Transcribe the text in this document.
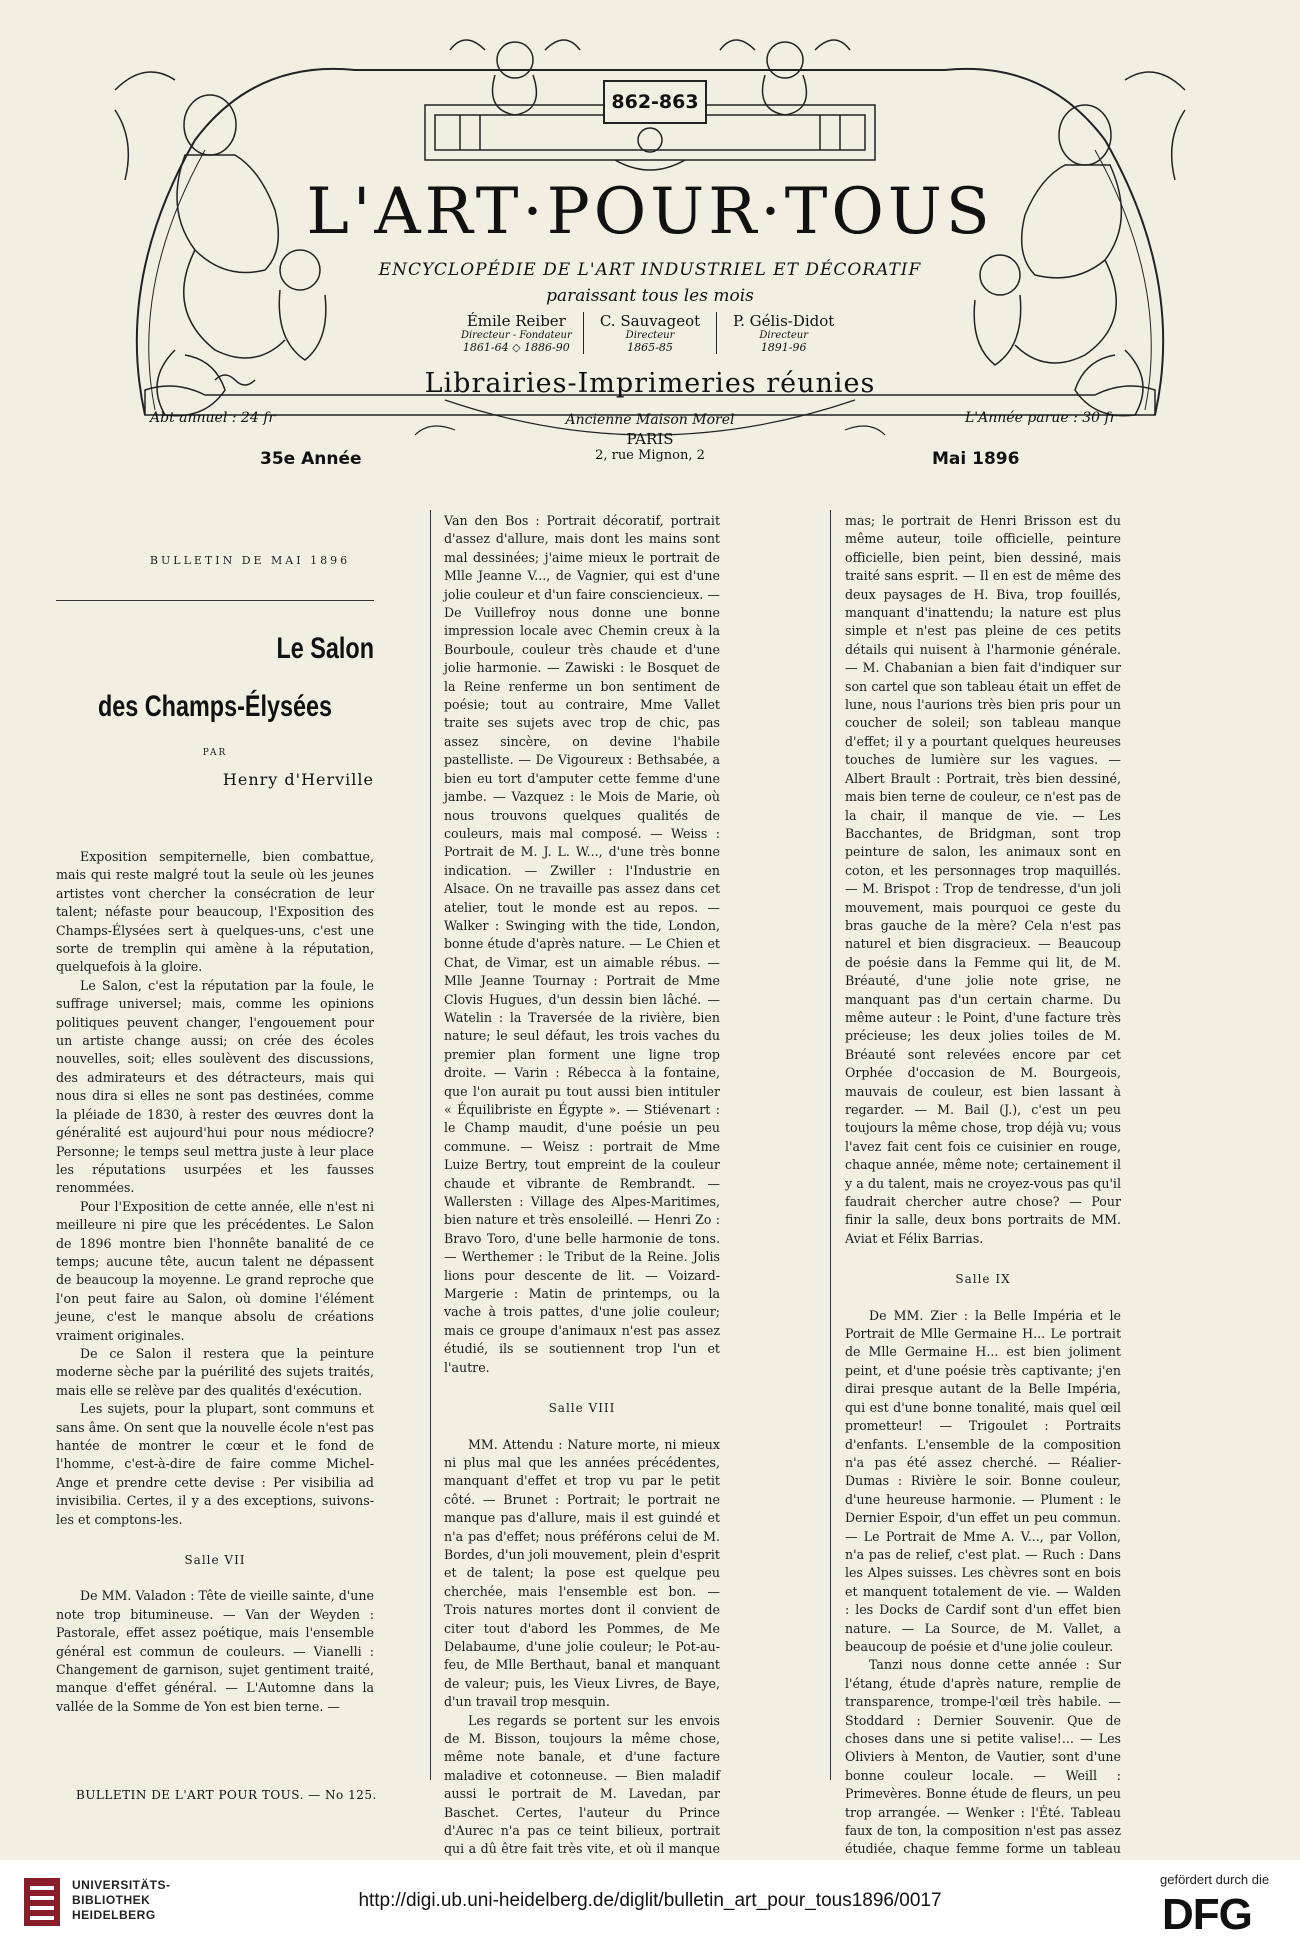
862-863
L'ART·POUR·TOUS
ENCYCLOPÉDIE DE L'ART INDUSTRIEL ET DÉCORATIF
paraissant tous les mois
Émile Reiber
Directeur - Fondateur
1861-64 ◇ 1886-90
C. Sauvageot
Directeur
1865-85
P. Gélis-Didot
Directeur
1891-96
Librairies-Imprimeries réunies
Abt annuel : 24 fr	L'Année parue : 30 fr
Ancienne Maison Morel
PARIS
2, rue Mignon, 2
35e Année	Mai 1896
BULLETIN DE MAI 1896
Le Salon
des Champs-Élysées
PAR
Henry d'Herville

Exposition sempiternelle, bien combattue, mais qui reste malgré tout la seule où les jeunes artistes vont chercher la consécration de leur talent; néfaste pour beaucoup, l'Exposition des Champs-Élysées sert à quelques-uns, c'est une sorte de tremplin qui amène à la réputation, quelquefois à la gloire.

Le Salon, c'est la réputation par la foule, le suffrage universel; mais, comme les opinions politiques peuvent changer, l'engouement pour un artiste change aussi; on crée des écoles nouvelles, soit; elles soulèvent des discussions, des admirateurs et des détracteurs, mais qui nous dira si elles ne sont pas destinées, comme la pléiade de 1830, à rester des œuvres dont la généralité est aujourd'hui pour nous médiocre? Personne; le temps seul mettra juste à leur place les réputations usurpées et les fausses renommées.

Pour l'Exposition de cette année, elle n'est ni meilleure ni pire que les précédentes. Le Salon de 1896 montre bien l'honnête banalité de ce temps; aucune tête, aucun talent ne dépassent de beaucoup la moyenne. Le grand reproche que l'on peut faire au Salon, où domine l'élément jeune, c'est le manque absolu de créations vraiment originales.

De ce Salon il restera que la peinture moderne sèche par la puérilité des sujets traités, mais elle se relève par des qualités d'exécution.

Les sujets, pour la plupart, sont communs et sans âme. On sent que la nouvelle école n'est pas hantée de montrer le cœur et le fond de l'homme, c'est-à-dire de faire comme Michel-Ange et prendre cette devise : Per visibilia ad invisibilia. Certes, il y a des exceptions, suivons-les et comptons-les.

Salle VII

De MM. Valadon : Tête de vieille sainte, d'une note trop bitumineuse. — Van der Weyden : Pastorale, effet assez poétique, mais l'ensemble général est commun de couleurs. — Vianelli : Changement de garnison, sujet gentiment traité, manque d'effet général. — L'Automne dans la vallée de la Somme de Yon est bien terne. —

Van den Bos : Portrait décoratif, portrait d'assez d'allure, mais dont les mains sont mal dessinées; j'aime mieux le portrait de Mlle Jeanne V..., de Vagnier, qui est d'une jolie couleur et d'un faire consciencieux. — De Vuillefroy nous donne une bonne impression locale avec Chemin creux à la Bourboule, couleur très chaude et d'une jolie harmonie. — Zawiski : le Bosquet de la Reine renferme un bon sentiment de poésie; tout au contraire, Mme Vallet traite ses sujets avec trop de chic, pas assez sincère, on devine l'habile pastelliste. — De Vigoureux : Bethsabée, a bien eu tort d'amputer cette femme d'une jambe. — Vazquez : le Mois de Marie, où nous trouvons quelques qualités de couleurs, mais mal composé. — Weiss : Portrait de M. J. L. W..., d'une très bonne indication. — Zwiller : l'Industrie en Alsace. On ne travaille pas assez dans cet atelier, tout le monde est au repos. — Walker : Swinging with the tide, London, bonne étude d'après nature. — Le Chien et Chat, de Vimar, est un aimable rébus. — Mlle Jeanne Tournay : Portrait de Mme Clovis Hugues, d'un dessin bien lâché. — Watelin : la Traversée de la rivière, bien nature; le seul défaut, les trois vaches du premier plan forment une ligne trop droite. — Varin : Rébecca à la fontaine, que l'on aurait pu tout aussi bien intituler « Équilibriste en Égypte ». — Stiévenart : le Champ maudit, d'une poésie un peu commune. — Weisz : portrait de Mme Luize Bertry, tout empreint de la couleur chaude et vibrante de Rembrandt. — Wallersten : Village des Alpes-Maritimes, bien nature et très ensoleillé. — Henri Zo : Bravo Toro, d'une belle harmonie de tons. — Werthemer : le Tribut de la Reine. Jolis lions pour descente de lit. — Voizard-Margerie : Matin de printemps, ou la vache à trois pattes, d'une jolie couleur; mais ce groupe d'animaux n'est pas assez étudié, ils se soutiennent trop l'un et l'autre.

Salle VIII

MM. Attendu : Nature morte, ni mieux ni plus mal que les années précédentes, manquant d'effet et trop vu par le petit côté. — Brunet : Portrait; le portrait ne manque pas d'allure, mais il est guindé et n'a pas d'effet; nous préférons celui de M. Bordes, d'un joli mouvement, plein d'esprit et de talent; la pose est quelque peu cherchée, mais l'ensemble est bon. — Trois natures mortes dont il convient de citer tout d'abord les Pommes, de Me Delabaume, d'une jolie couleur; le Pot-au-feu, de Mlle Berthaut, banal et manquant de valeur; puis, les Vieux Livres, de Baye, d'un travail trop mesquin.

Les regards se portent sur les envois de M. Bisson, toujours la même chose, même note banale, et d'une facture maladive et cotonneuse. — Bien maladif aussi le portrait de M. Lavedan, par Baschet. Certes, l'auteur du Prince d'Aurec n'a pas ce teint bilieux, portrait qui a dû être fait très vite, et où il manque

mas; le portrait de Henri Brisson est du même auteur, toile officielle, peinture officielle, bien peint, bien dessiné, mais traité sans esprit. — Il en est de même des deux paysages de H. Biva, trop fouillés, manquant d'inattendu; la nature est plus simple et n'est pas pleine de ces petits détails qui nuisent à l'harmonie générale. — M. Chabanian a bien fait d'indiquer sur son cartel que son tableau était un effet de lune, nous l'aurions très bien pris pour un coucher de soleil; son tableau manque d'effet; il y a pourtant quelques heureuses touches de lumière sur les vagues. — Albert Brault : Portrait, très bien dessiné, mais bien terne de couleur, ce n'est pas de la chair, il manque de vie. — Les Bacchantes, de Bridgman, sont trop peinture de salon, les animaux sont en coton, et les personnages trop maquillés. — M. Brispot : Trop de tendresse, d'un joli mouvement, mais pourquoi ce geste du bras gauche de la mère? Cela n'est pas naturel et bien disgracieux. — Beaucoup de poésie dans la Femme qui lit, de M. Bréauté, d'une jolie note grise, ne manquant pas d'un certain charme. Du même auteur : le Point, d'une facture très précieuse; les deux jolies toiles de M. Bréauté sont relevées encore par cet Orphée d'occasion de M. Bourgeois, mauvais de couleur, est bien lassant à regarder. — M. Bail (J.), c'est un peu toujours la même chose, trop déjà vu; vous l'avez fait cent fois ce cuisinier en rouge, chaque année, même note; certainement il y a du talent, mais ne croyez-vous pas qu'il faudrait chercher autre chose? — Pour finir la salle, deux bons portraits de MM. Aviat et Félix Barrias.

Salle IX

De MM. Zier : la Belle Impéria et le Portrait de Mlle Germaine H... Le portrait de Mlle Germaine H... est bien joliment peint, et d'une poésie très captivante; j'en dirai presque autant de la Belle Impéria, qui est d'une bonne tonalité, mais quel œil prometteur! — Trigoulet : Portraits d'enfants. L'ensemble de la composition n'a pas été assez cherché. — Réalier-Dumas : Rivière le soir. Bonne couleur, d'une heureuse harmonie. — Plument : le Dernier Espoir, d'un effet un peu commun. — Le Portrait de Mme A. V..., par Vollon, n'a pas de relief, c'est plat. — Ruch : Dans les Alpes suisses. Les chèvres sont en bois et manquent totalement de vie. — Walden : les Docks de Cardif sont d'un effet bien nature. — La Source, de M. Vallet, a beaucoup de poésie et d'une jolie couleur.

Tanzi nous donne cette année : Sur l'étang, étude d'après nature, remplie de transparence, trompe-l'œil très habile. — Stoddard : Dernier Souvenir. Que de choses dans une si petite valise!... — Les Oliviers à Menton, de Vautier, sont d'une bonne couleur locale. — Weill : Primevères. Bonne étude de fleurs, un peu trop arrangée. — Wenker : l'Été. Tableau faux de ton, la composition n'est pas assez étudiée, chaque femme forme un tableau

BULLETIN DE L'ART POUR TOUS. — No 125.
UNIVERSITÄTS-
BIBLIOTHEK
HEIDELBERG
http://digi.ub.uni-heidelberg.de/diglit/bulletin_art_pour_tous1896/0017
gefördert durch die
DFG
